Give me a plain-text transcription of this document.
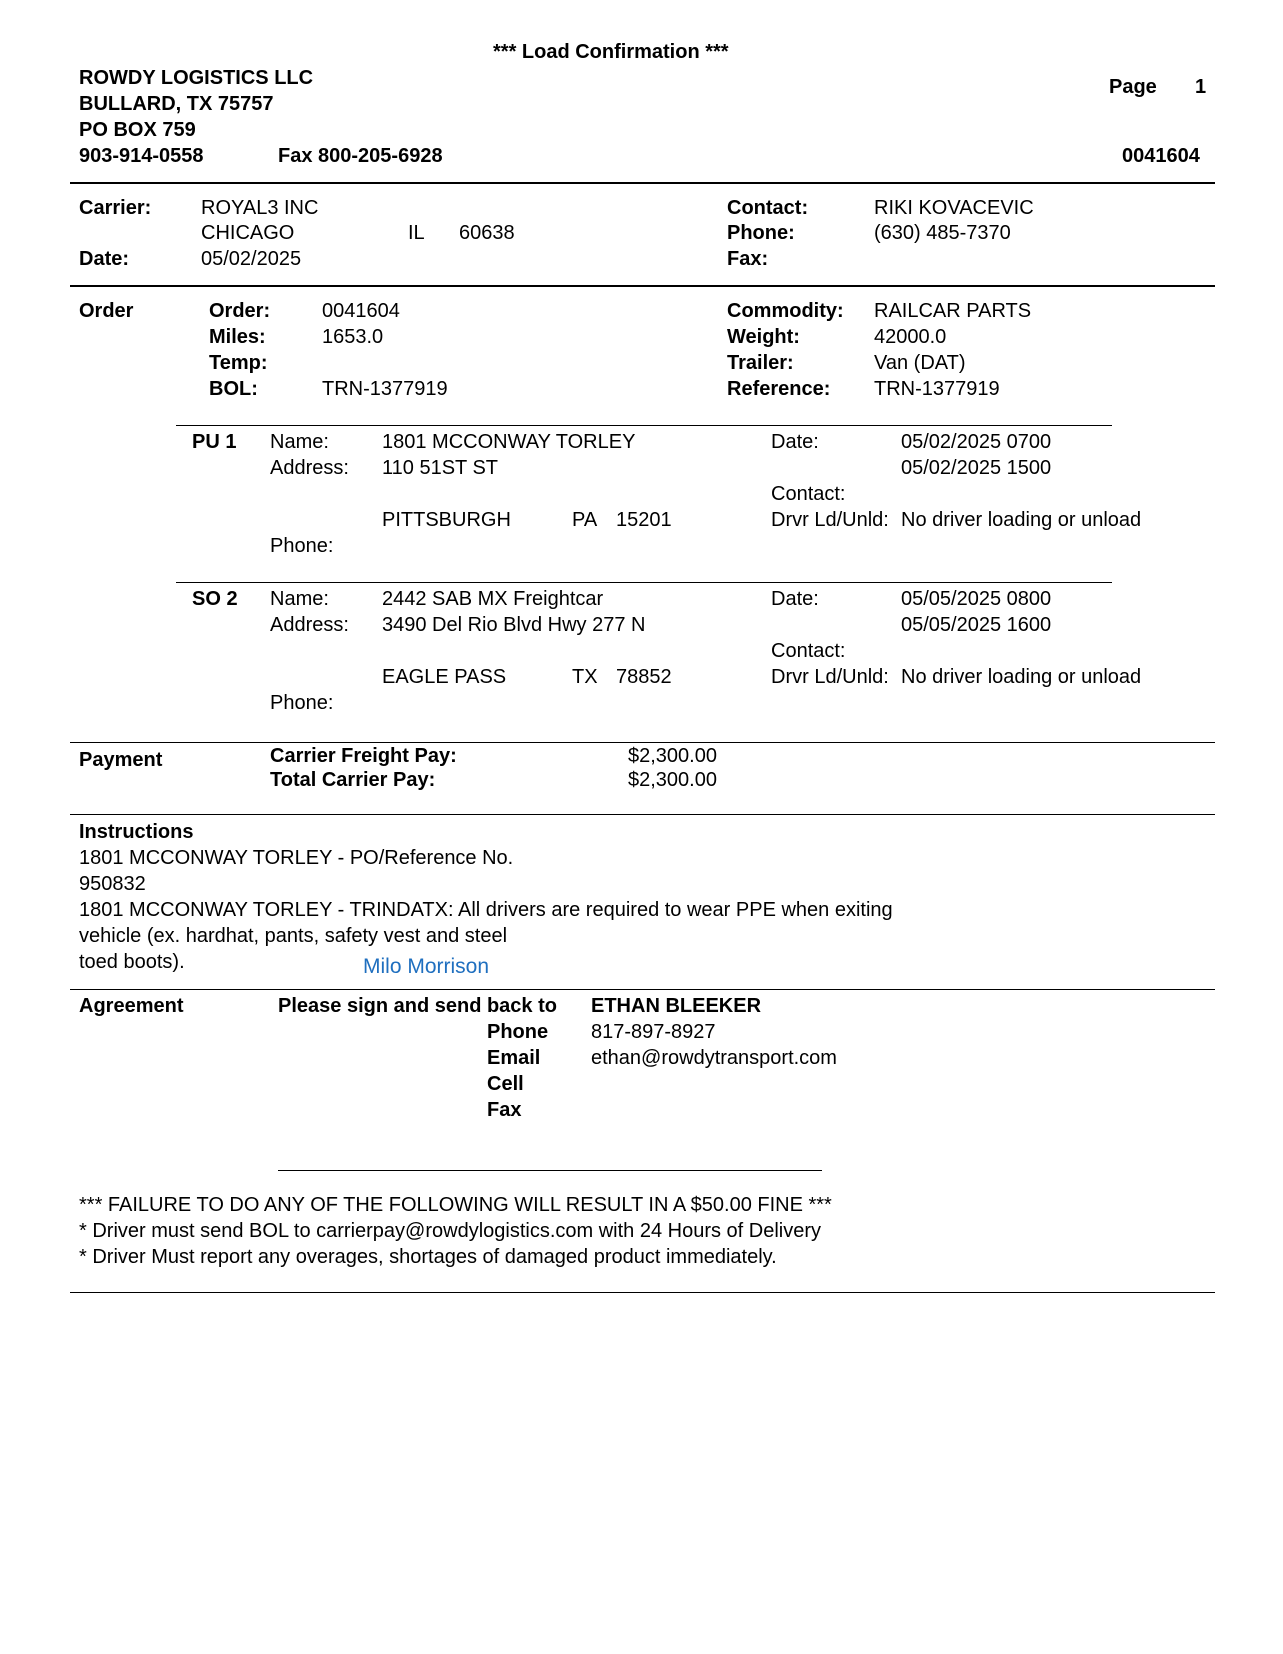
*** Load Confirmation ***
ROWDY LOGISTICS LLC
BULLARD, TX 75757
PO BOX 759
903-914-0558	Fax 800-205-6928
Page 1
0041604
Carrier: ROYAL3 INC
CHICAGO	IL 60638
Date:	05/02/2025
Contact:	RIKI KOVACEVIC
Phone:	(630) 485-7370
Fax:
Order	Order:	0041604
Miles:	1653.0
Temp:
BOL:	TRN-1377919
Commodity: RAILCAR PARTS
Weight:	42000.0
Trailer:	Van (DAT)
Reference: TRN-1377919
PU 1 Name:	1801 MCCONWAY TORLEY
Address: 110 51ST ST
PITTSBURGH	PA 15201
Phone:
Date:	05/02/2025 0700
05/02/2025 1500
Contact:
Drvr Ld/Unld: No driver loading or unload
SO 2 Name:	2442 SAB MX Freightcar
Address: 3490 Del Rio Blvd Hwy 277 N
EAGLE PASS	TX 78852
Phone:
Date:	05/05/2025 0800
05/05/2025 1600
Contact:
Drvr Ld/Unld: No driver loading or unload
Payment	Carrier Freight Pay:	$2,300.00
Total Carrier Pay:	$2,300.00
Instructions
1801 MCCONWAY TORLEY - PO/Reference No.
950832
1801 MCCONWAY TORLEY - TRINDATX: All drivers are required to wear PPE when exiting
vehicle (ex. hardhat, pants, safety vest and steel
toed boots).	Milo Morrison
Agreement	Please sign and send back to ETHAN BLEEKER
Phone 817-897-8927
Email	ethan@rowdytransport.com
Cell
Fax
*** FAILURE TO DO ANY OF THE FOLLOWING WILL RESULT IN A $50.00 FINE ***
* Driver must send BOL to carrierpay@rowdylogistics.com with 24 Hours of Delivery
* Driver Must report any overages, shortages of damaged product immediately.
